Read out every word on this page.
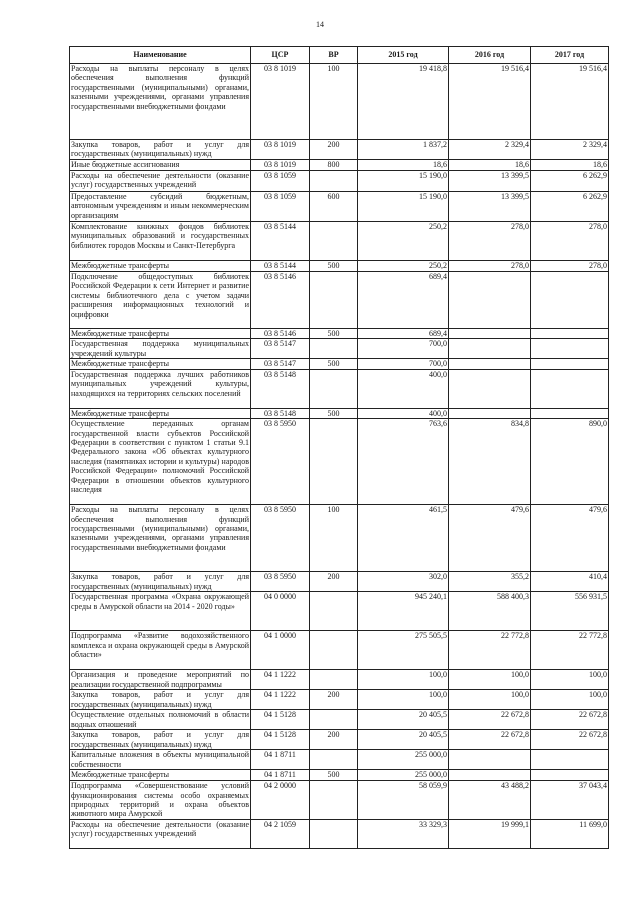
14
Наименование	ЦСР	ВР	2015 год	2016 год	2017 год
Расходы на выплаты персоналу в целях обеспечения выполнения функций государственными (муниципальными) органами, казенными учреждениями, органами управления государственными внебюджетными фондами	03 8 1019	100	19 418,8	19 516,4	19 516,4
Закупка товаров, работ и услуг для государственных (муниципальных) нужд	03 8 1019	200	1 837,2	2 329,4	2 329,4
Иные бюджетные ассигнования	03 8 1019	800	18,6	18,6	18,6
Расходы на обеспечение деятельности (оказание услуг) государственных учреждений	03 8 1059		15 190,0	13 399,5	6 262,9
Предоставление субсидий бюджетным, автономным учреждениям и иным некоммерческим организациям	03 8 1059	600	15 190,0	13 399,5	6 262,9
Комплектование книжных фондов библиотек муниципальных образований и государственных библиотек городов Москвы и Санкт-Петербурга	03 8 5144		250,2	278,0	278,0
Межбюджетные трансферты	03 8 5144	500	250,2	278,0	278,0
Подключение общедоступных библиотек Российской Федерации к сети Интернет и развитие системы библиотечного дела с учетом задачи расширения информационных технологий и оцифровки	03 8 5146		689,4		
Межбюджетные трансферты	03 8 5146	500	689,4		
Государственная поддержка муниципальных учреждений культуры	03 8 5147		700,0		
Межбюджетные трансферты	03 8 5147	500	700,0		
Государственная поддержка лучших работников муниципальных учреждений культуры, находящихся на территориях сельских поселений	03 8 5148		400,0		
Межбюджетные трансферты	03 8 5148	500	400,0		
Осуществление переданных органам государственной власти субъектов Российской Федерации в соответствии с пунктом 1 статьи 9.1 Федерального закона «Об объектах культурного наследия (памятниках истории и культуры) народов Российской Федерации» полномочий Российской Федерации в отношении объектов культурного наследия	03 8 5950		763,6	834,8	890,0
Расходы на выплаты персоналу в целях обеспечения выполнения функций государственными (муниципальными) органами, казенными учреждениями, органами управления государственными внебюджетными фондами	03 8 5950	100	461,5	479,6	479,6
Закупка товаров, работ и услуг для государственных (муниципальных) нужд	03 8 5950	200	302,0	355,2	410,4
Государственная программа «Охрана окружающей среды в Амурской области на 2014 - 2020 годы»	04 0 0000		945 240,1	588 400,3	556 931,5
Подпрограмма «Развитие водохозяйственного комплекса и охрана окружающей среды в Амурской области»	04 1 0000		275 505,5	22 772,8	22 772,8
Организация и проведение мероприятий по реализации государственной подпрограммы	04 1 1222		100,0	100,0	100,0
Закупка товаров, работ и услуг для государственных (муниципальных) нужд	04 1 1222	200	100,0	100,0	100,0
Осуществление отдельных полномочий в области водных отношений	04 1 5128		20 405,5	22 672,8	22 672,8
Закупка товаров, работ и услуг для государственных (муниципальных) нужд	04 1 5128	200	20 405,5	22 672,8	22 672,8
Капитальные вложения в объекты муниципальной собственности	04 1 8711		255 000,0		
Межбюджетные трансферты	04 1 8711	500	255 000,0		
Подпрограмма «Совершенствование условий функционирования системы особо охраняемых природных территорий и охрана объектов животного мира Амурской	04 2 0000		58 059,9	43 488,2	37 043,4
Расходы на обеспечение деятельности (оказание услуг) государственных учреждений	04 2 1059		33 329,3	19 999,1	11 699,0
